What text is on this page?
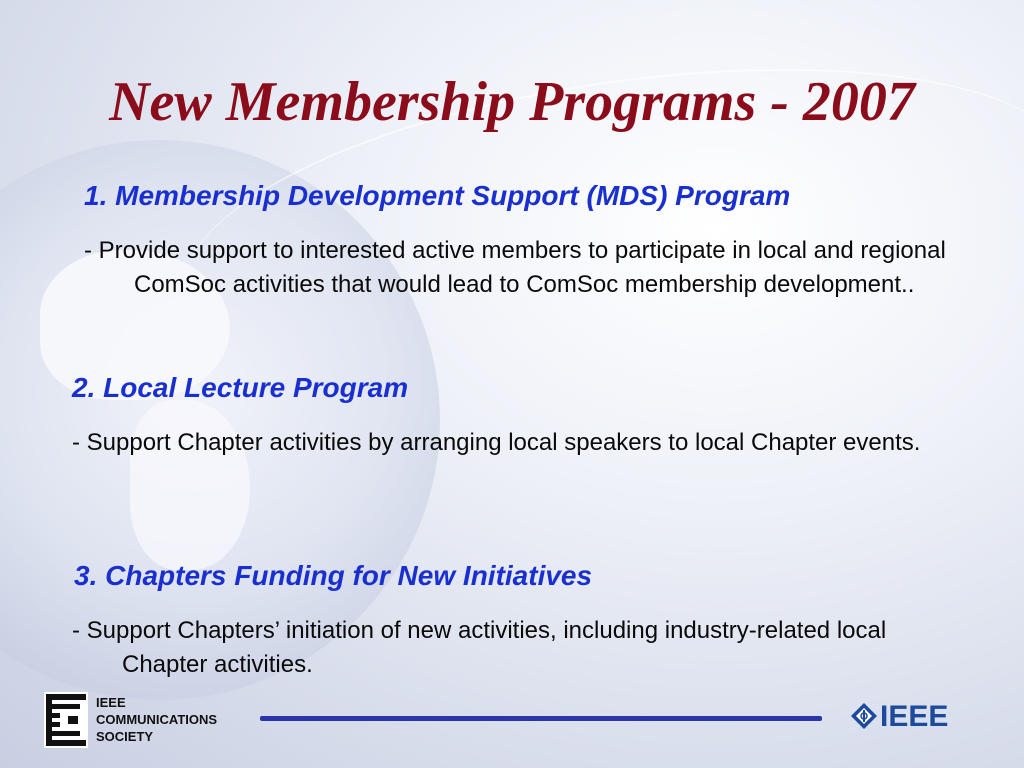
New Membership Programs - 2007
1. Membership Development Support (MDS) Program

- Provide support to interested active members to participate in local and regional ComSoc activities that would lead to ComSoc membership development..

2. Local Lecture Program

- Support Chapter activities by arranging local speakers to local Chapter events.

3. Chapters Funding for New Initiatives

- Support Chapters’ initiation of new activities, including industry-related local Chapter activities.

IEEE
COMMUNICATIONS
SOCIETY
IEEE
